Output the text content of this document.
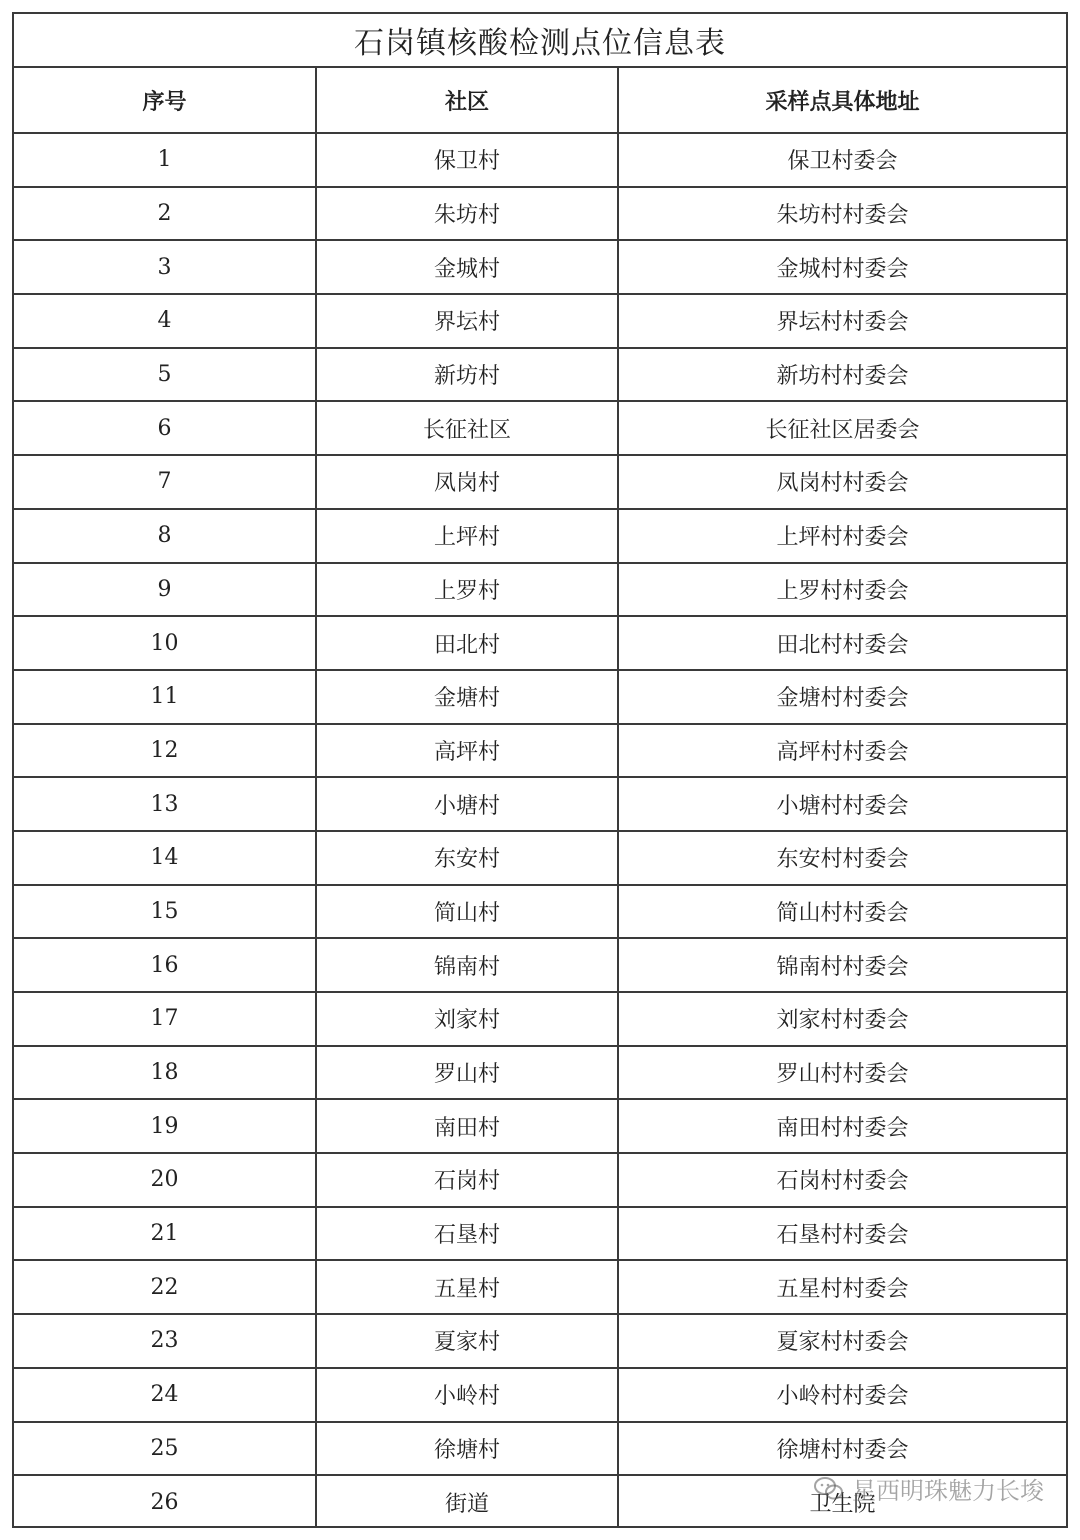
石岗镇核酸检测点位信息表
序号	社区	采样点具体地址
1	保卫村	保卫村委会
2	朱坊村	朱坊村村委会
3	金城村	金城村村委会
4	界坛村	界坛村村委会
5	新坊村	新坊村村委会
6	长征社区	长征社区居委会
7	凤岗村	凤岗村村委会
8	上坪村	上坪村村委会
9	上罗村	上罗村村委会
10	田北村	田北村村委会
11	金塘村	金塘村村委会
12	高坪村	高坪村村委会
13	小塘村	小塘村村委会
14	东安村	东安村村委会
15	简山村	简山村村委会
16	锦南村	锦南村村委会
17	刘家村	刘家村村委会
18	罗山村	罗山村村委会
19	南田村	南田村村委会
20	石岗村	石岗村村委会
21	石垦村	石垦村村委会
22	五星村	五星村村委会
23	夏家村	夏家村村委会
24	小岭村	小岭村村委会
25	徐塘村	徐塘村村委会
26	街道	卫生院
星西明珠魅力长埈
